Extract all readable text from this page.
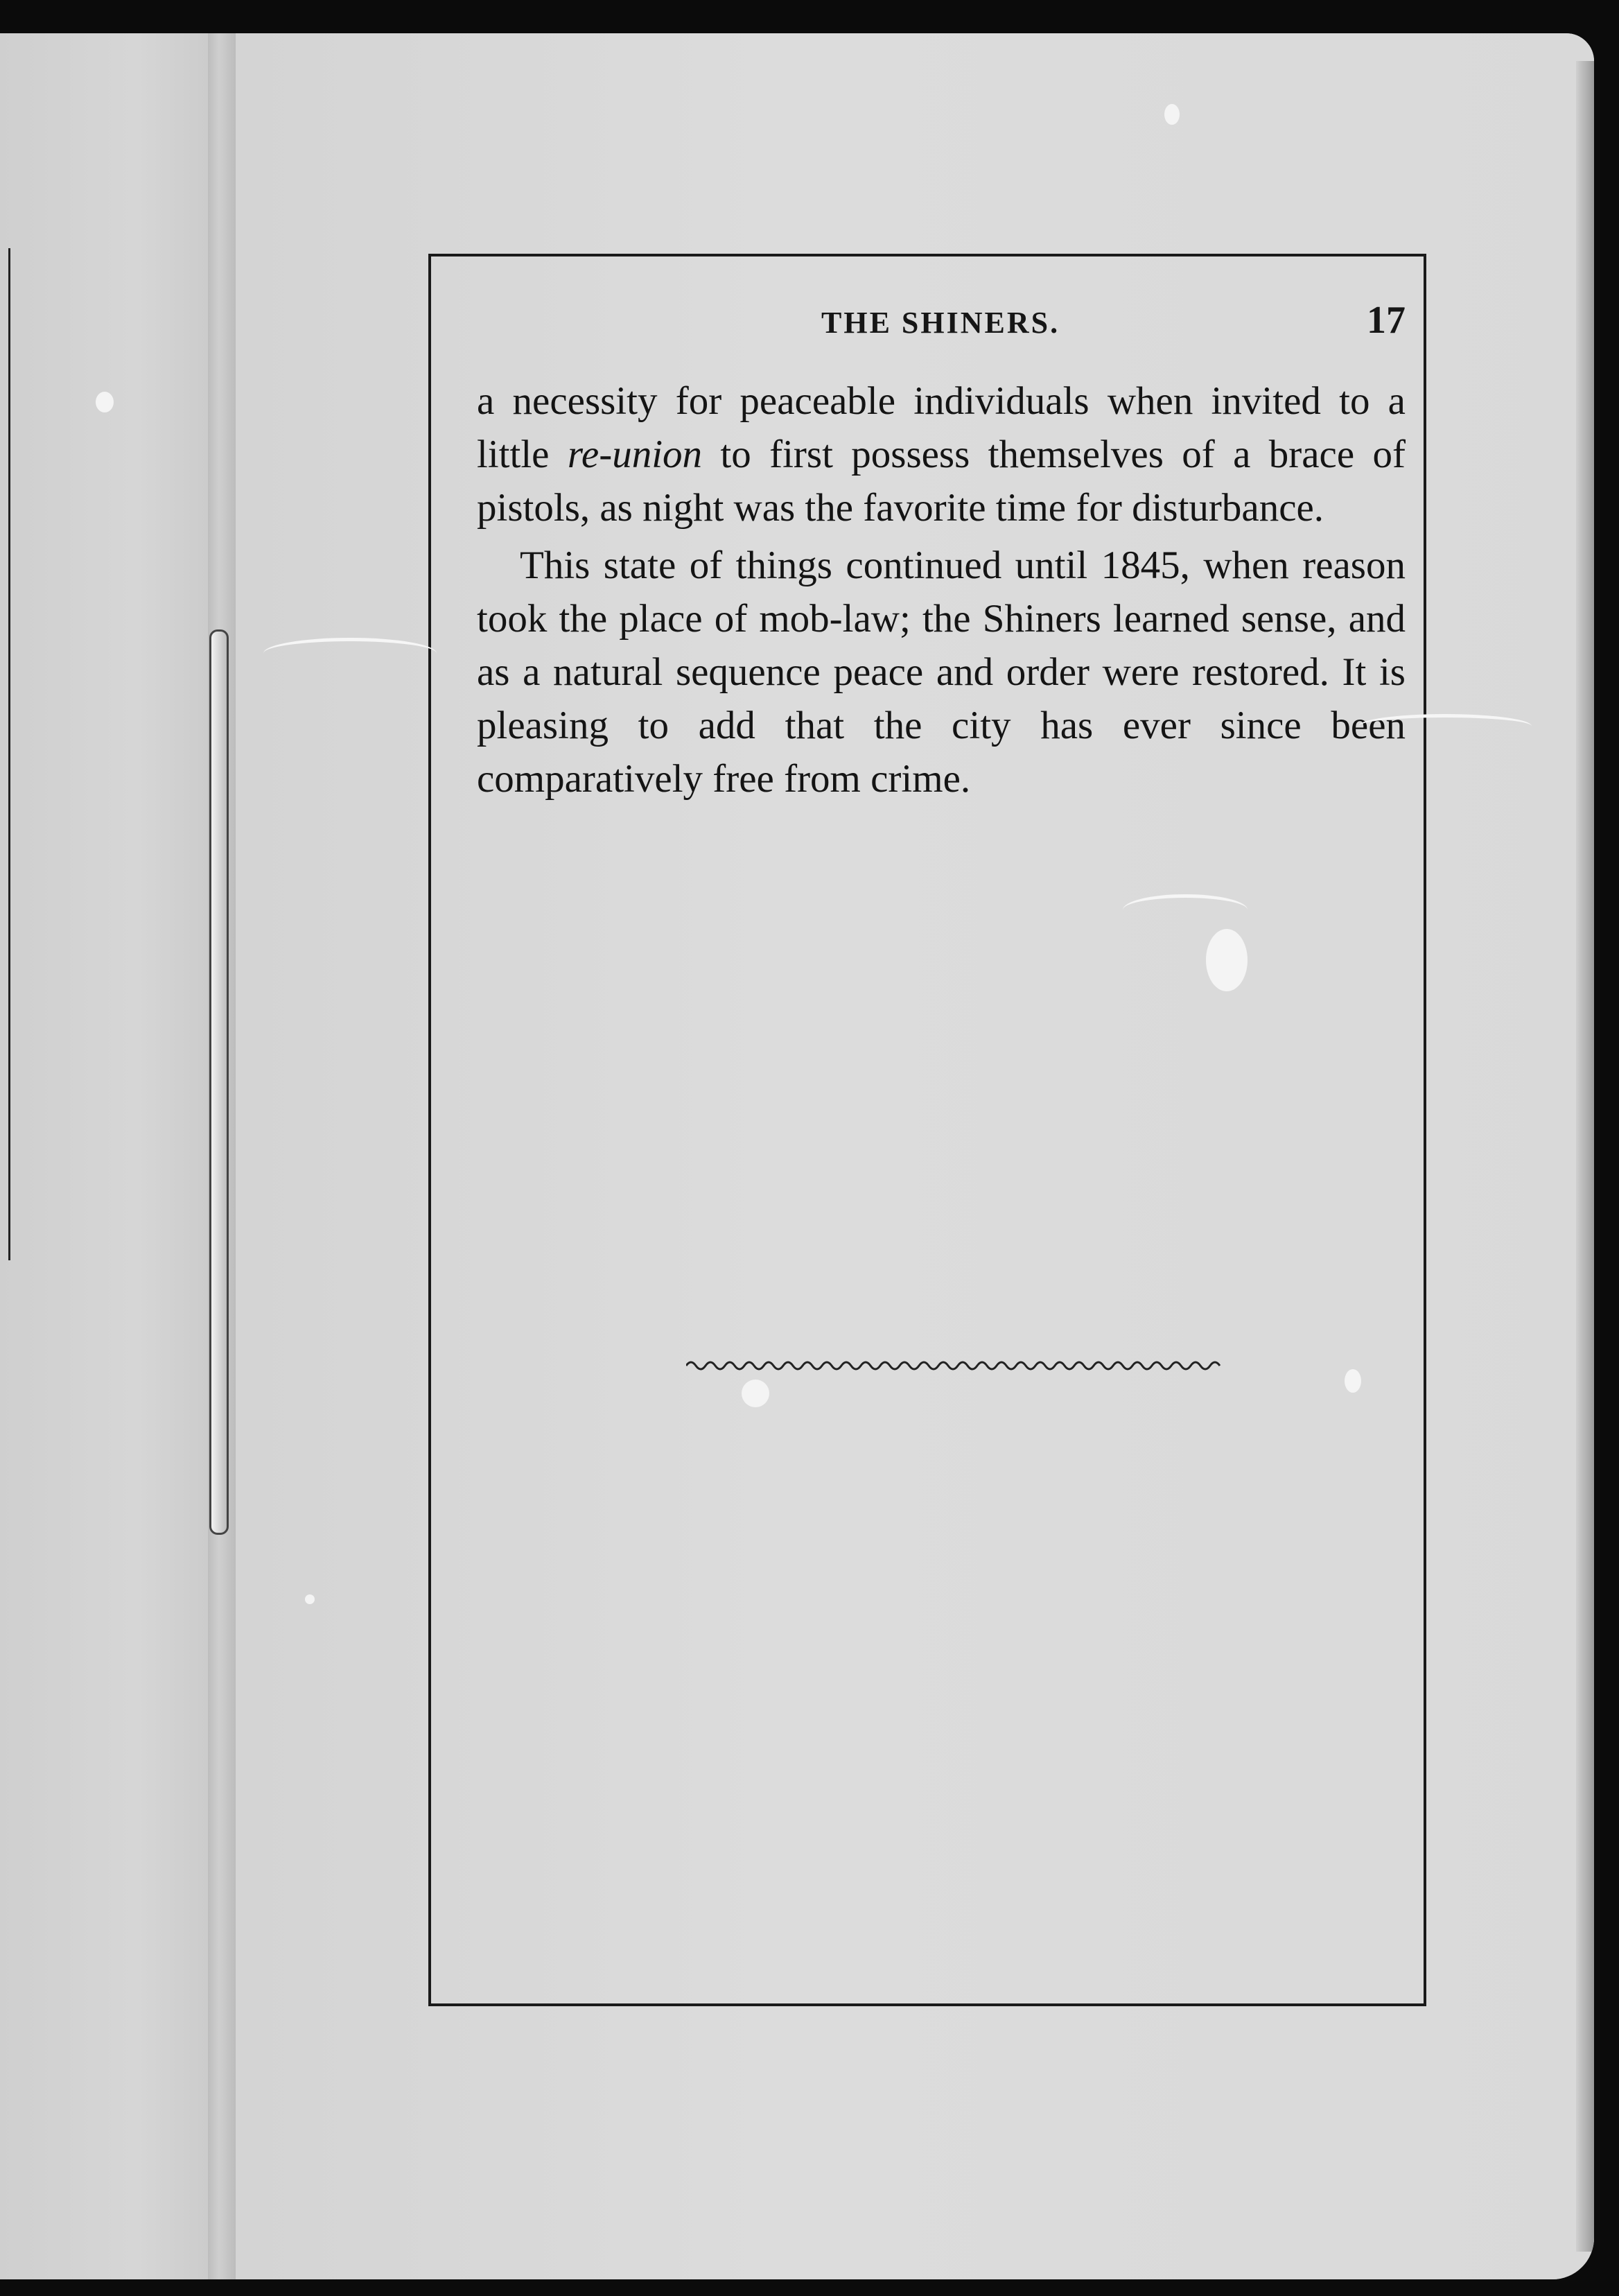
THE SHINERS.	17

a necessity for peaceable individuals when invited to a little re-union to first possess themselves of a brace of pistols, as night was the favorite time for disturbance.

This state of things continued until 1845, when reason took the place of mob-law; the Shiners learned sense, and as a natural sequence peace and order were restored. It is pleasing to add that the city has ever since been comparatively free from crime.
